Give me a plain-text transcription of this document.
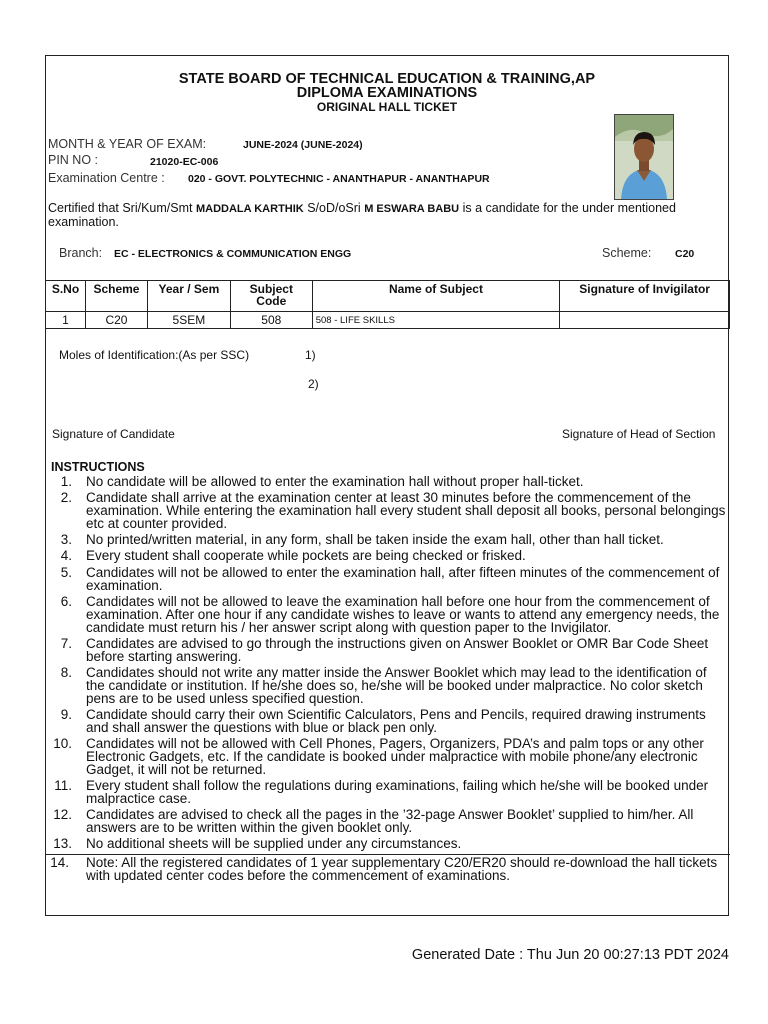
STATE BOARD OF TECHNICAL EDUCATION & TRAINING,AP
DIPLOMA EXAMINATIONS
ORIGINAL HALL TICKET
MONTH & YEAR OF EXAM:	JUNE-2024 (JUNE-2024)
PIN NO :	21020-EC-006
Examination Centre : 020 - GOVT. POLYTECHNIC - ANANTHAPUR - ANANTHAPUR
Certified that Sri/Kum/Smt MADDALA KARTHIK S/oD/oSri M ESWARA BABU is a candidate for the under mentioned examination.
Branch: EC - ELECTRONICS & COMMUNICATION ENGG	Scheme: C20
S.No	Scheme	Year / Sem	Subject Code	Name of Subject	Signature of Invigilator
1	C20	5SEM	508	508 - LIFE SKILLS	
Moles of Identification:(As per SSC)	1)
2)
Signature of Candidate	Signature of Head of Section
INSTRUCTIONS
1. No candidate will be allowed to enter the examination hall without proper hall-ticket.
2. Candidate shall arrive at the examination center at least 30 minutes before the commencement of the examination. While entering the examination hall every student shall deposit all books, personal belongings etc at counter provided.
3. No printed/written material, in any form, shall be taken inside the exam hall, other than hall ticket.
4. Every student shall cooperate while pockets are being checked or frisked.
5. Candidates will not be allowed to enter the examination hall, after fifteen minutes of the commencement of examination.
6. Candidates will not be allowed to leave the examination hall before one hour from the commencement of examination. After one hour if any candidate wishes to leave or wants to attend any emergency needs, the candidate must return his / her answer script along with question paper to the Invigilator.
7. Candidates are advised to go through the instructions given on Answer Booklet or OMR Bar Code Sheet before starting answering.
8. Candidates should not write any matter inside the Answer Booklet which may lead to the identification of the candidate or institution. If he/she does so, he/she will be booked under malpractice. No color sketch pens are to be used unless specified question.
9. Candidate should carry their own Scientific Calculators, Pens and Pencils, required drawing instruments and shall answer the questions with blue or black pen only.
10. Candidates will not be allowed with Cell Phones, Pagers, Organizers, PDA’s and palm tops or any other Electronic Gadgets, etc. If the candidate is booked under malpractice with mobile phone/any electronic Gadget, it will not be returned.
11. Every student shall follow the regulations during examinations, failing which he/she will be booked under malpractice case.
12. Candidates are advised to check all the pages in the ’32-page Answer Booklet’ supplied to him/her. All answers are to be written within the given booklet only.
13. No additional sheets will be supplied under any circumstances.
14. Note: All the registered candidates of 1 year supplementary C20/ER20 should re-download the hall tickets with updated center codes before the commencement of examinations.
Generated Date : Thu Jun 20 00:27:13 PDT 2024
